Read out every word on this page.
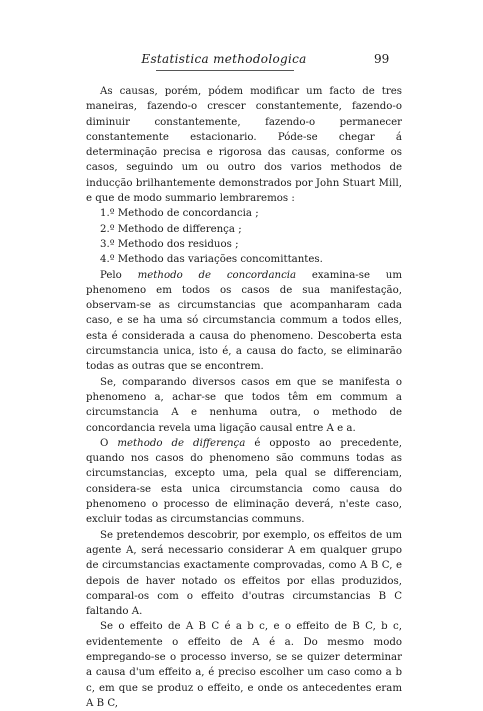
Estatistica methodologica	99

As causas, porém, pódem modificar um facto de tres maneiras, fazendo-o crescer constantemente, fazendo-o diminuir constantemente, fazendo-o permanecer constantemente estacionario. Póde-se chegar á determinação precisa e rigorosa das causas, conforme os casos, seguindo um ou outro dos varios methodos de inducção brilhantemente demonstrados por John Stuart Mill, e que de modo summario lembraremos :

1.º Methodo de concordancia ;

2.º Methodo de differença ;

3.º Methodo dos residuos ;

4.º Methodo das variações concomittantes.

Pelo methodo de concordancia examina-se um phenomeno em todos os casos de sua manifestação, observam-se as circumstancias que acompanharam cada caso, e se ha uma só circumstancia commum a todos elles, esta é considerada a causa do phenomeno. Descoberta esta circumstancia unica, isto é, a causa do facto, se eliminarão todas as outras que se encontrem.

Se, comparando diversos casos em que se manifesta o phenomeno a, achar-se que todos têm em commum a circumstancia A e nenhuma outra, o methodo de concordancia revela uma ligação causal entre A e a.

O methodo de differença é opposto ao precedente, quando nos casos do phenomeno são communs todas as circumstancias, excepto uma, pela qual se differenciam, considera-se esta unica circumstancia como causa do phenomeno o processo de eliminação deverá, n'este caso, excluir todas as circumstancias communs.

Se pretendemos descobrir, por exemplo, os effeitos de um agente A, será necessario considerar A em qualquer grupo de circumstancias exactamente comprovadas, como A B C, e depois de haver notado os effeitos por ellas produzidos, comparal-os com o effeito d'outras circumstancias B C faltando A.

Se o effeito de A B C é a b c, e o effeito de B C, b c, evidentemente o effeito de A é a. Do mesmo modo empregando-se o processo inverso, se se quizer determinar a causa d'um effeito a, é preciso escolher um caso como a b c, em que se produz o effeito, e onde os antecedentes eram A B C,
